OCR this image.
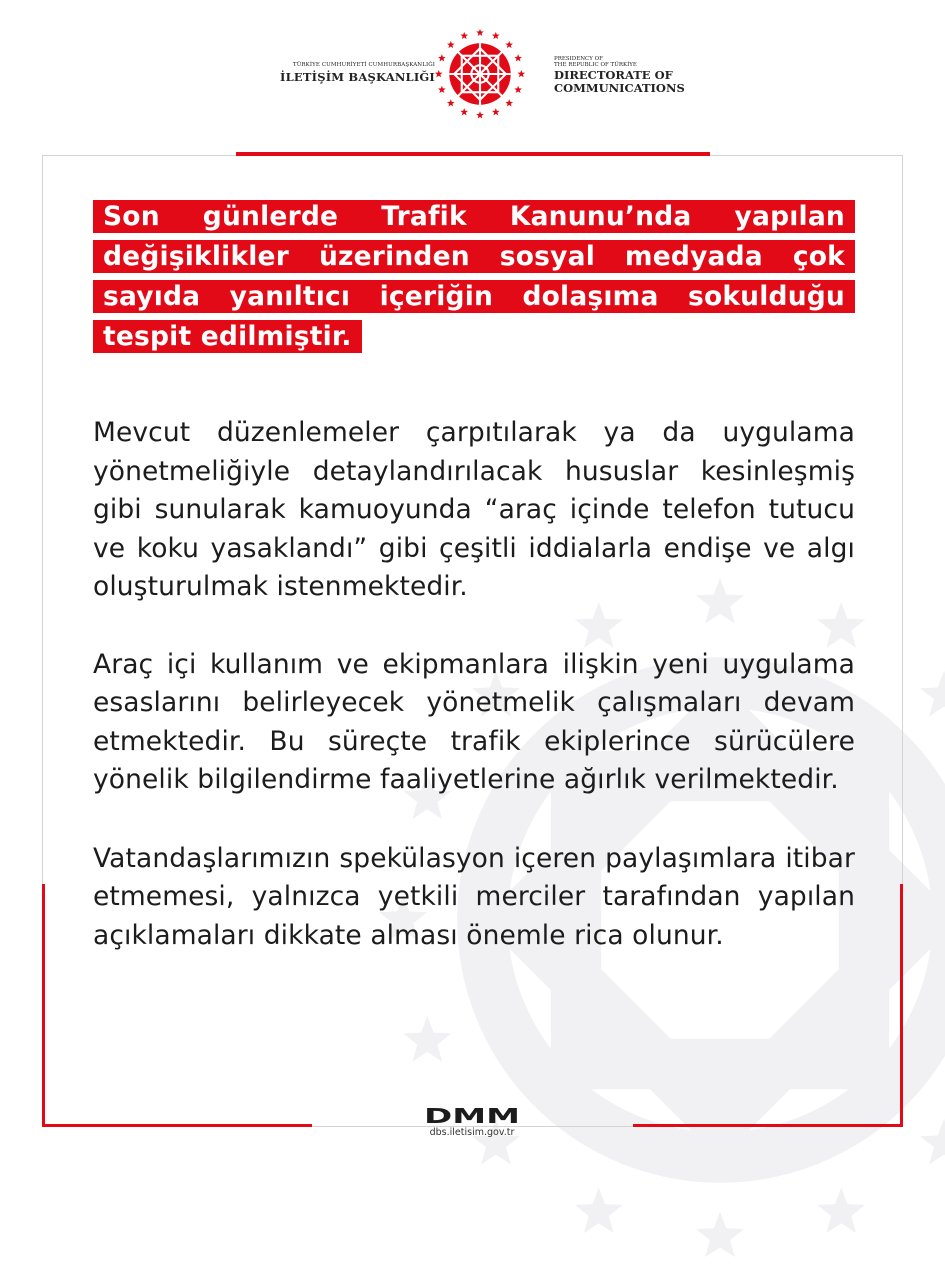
TÜRKİYE CUMHURİYETİ CUMHURBAŞKANLIĞI
İLETİŞİM BAŞKANLIĞI
PRESIDENCY OF
THE REPUBLIC OF TÜRKİYE
DIRECTORATE OF
COMMUNICATIONS

Son günlerde Trafik Kanunu’nda yapılan değişiklikler üzerinden sosyal medyada çok sayıda yanıltıcı içeriğin dolaşıma sokulduğu tespit edilmiştir.

Mevcut düzenlemeler çarpıtılarak ya da uygulama yönetmeliğiyle detaylandırılacak hususlar kesinleşmiş gibi sunularak kamuoyunda “araç içinde telefon tutucu ve koku yasaklandı” gibi çeşitli iddialarla endişe ve algı oluşturulmak istenmektedir.

Araç içi kullanım ve ekipmanlara ilişkin yeni uygulama esaslarını belirleyecek yönetmelik çalışmaları devam etmektedir. Bu süreçte trafik ekiplerince sürücülere yönelik bilgilendirme faaliyetlerine ağırlık verilmektedir.

Vatandaşlarımızın spekülasyon içeren paylaşımlara itibar etmemesi, yalnızca yetkili merciler tarafından yapılan açıklamaları dikkate alması önemle rica olunur.

DMM
dbs.iletisim.gov.tr
